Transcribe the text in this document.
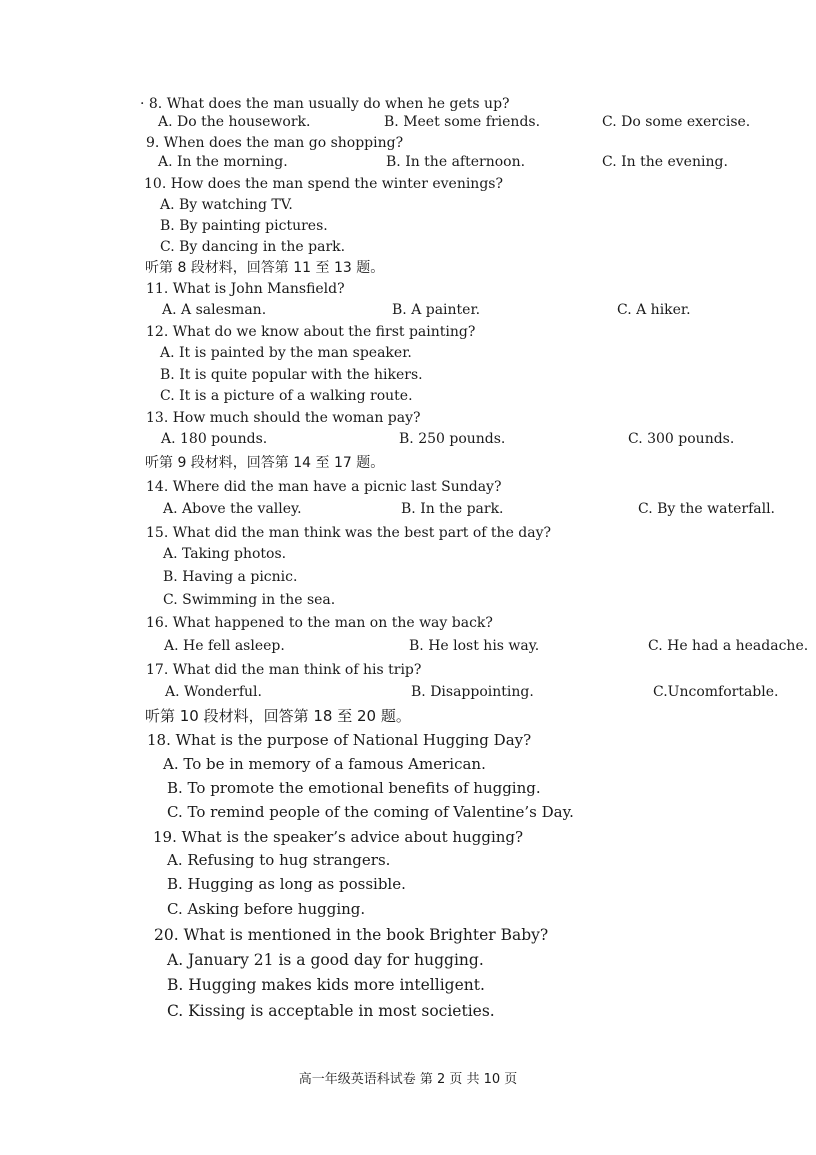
· 8. What does the man usually do when he gets up?
A. Do the housework.	B. Meet some friends.	C. Do some exercise.
9. When does the man go shopping?
A. In the morning.	B. In the afternoon.	C. In the evening.
10. How does the man spend the winter evenings?
A. By watching TV.
B. By painting pictures.
C. By dancing in the park.
听第 8 段材料，回答第 11 至 13 题。
11. What is John Mansfield?
A. A salesman.	B. A painter.	C. A hiker.
12. What do we know about the first painting?
A. It is painted by the man speaker.
B. It is quite popular with the hikers.
C. It is a picture of a walking route.
13. How much should the woman pay?
A. 180 pounds.	B. 250 pounds.	C. 300 pounds.
听第 9 段材料，回答第 14 至 17 题。
14. Where did the man have a picnic last Sunday?
A. Above the valley.	B. In the park.	C. By the waterfall.
15. What did the man think was the best part of the day?
A. Taking photos.
B. Having a picnic.
C. Swimming in the sea.
16. What happened to the man on the way back?
A. He fell asleep.	B. He lost his way.	C. He had a headache.
17. What did the man think of his trip?
A. Wonderful.	B. Disappointing.	C.Uncomfortable.
听第 10 段材料，回答第 18 至 20 题。
18. What is the purpose of National Hugging Day?
A. To be in memory of a famous American.
B. To promote the emotional benefits of hugging.
C. To remind people of the coming of Valentine’s Day.
19. What is the speaker’s advice about hugging?
A. Refusing to hug strangers.
B. Hugging as long as possible.
C. Asking before hugging.
20. What is mentioned in the book Brighter Baby?
A. January 21 is a good day for hugging.
B. Hugging makes kids more intelligent.
C. Kissing is acceptable in most societies.
高一年级英语科试卷 第 2 页 共 10 页
